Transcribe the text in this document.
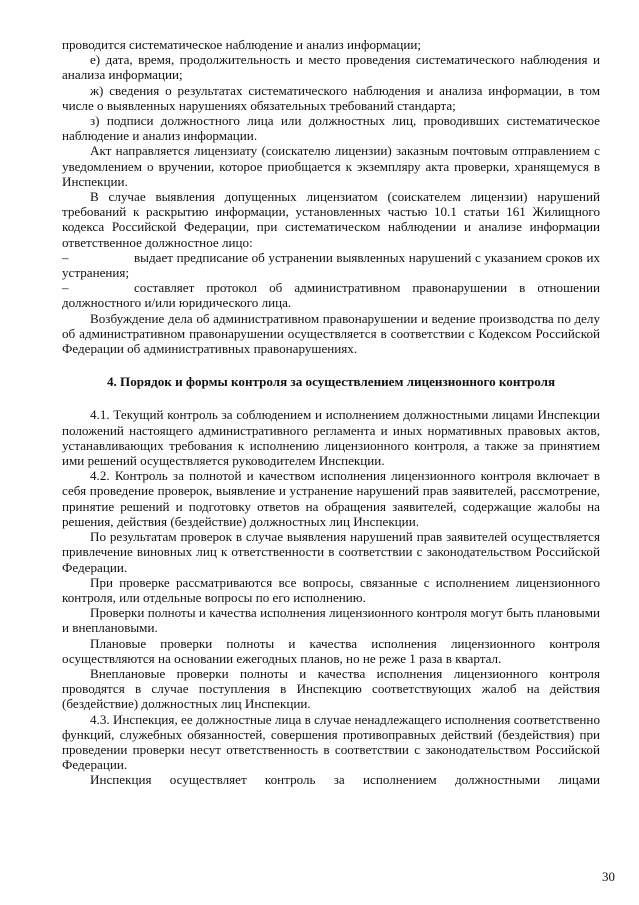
проводится систематическое наблюдение и анализ информации;

е) дата, время, продолжительность и место проведения систематического наблюдения и анализа информации;

ж) сведения о результатах систематического наблюдения и анализа информации, в том числе о выявленных нарушениях обязательных требований стандарта;

з) подписи должностного лица или должностных лиц, проводивших систематическое наблюдение и анализ информации.

Акт направляется лицензиату (соискателю лицензии) заказным почтовым отправлением с уведомлением о вручении, которое приобщается к экземпляру акта проверки, хранящемуся в Инспекции.

В случае выявления допущенных лицензиатом (соискателем лицензии) нарушений требований к раскрытию информации, установленных частью 10.1 статьи 161 Жилищного кодекса Российской Федерации, при систематическом наблюдении и анализе информации ответственное должностное лицо:

–	выдает предписание об устранении выявленных нарушений с указанием сроков их устранения;

–	составляет протокол об административном правонарушении в отношении должностного и/или юридического лица.

Возбуждение дела об административном правонарушении и ведение производства по делу об административном правонарушении осуществляется в соответствии с Кодексом Российской Федерации об административных правонарушениях.

4. Порядок и формы контроля за осуществлением лицензионного контроля

4.1. Текущий контроль за соблюдением и исполнением должностными лицами Инспекции положений настоящего административного регламента и иных нормативных правовых актов, устанавливающих требования к исполнению лицензионного контроля, а также за принятием ими решений осуществляется руководителем Инспекции.

4.2. Контроль за полнотой и качеством исполнения лицензионного контроля включает в себя проведение проверок, выявление и устранение нарушений прав заявителей, рассмотрение, принятие решений и подготовку ответов на обращения заявителей, содержащие жалобы на решения, действия (бездействие) должностных лиц Инспекции.

По результатам проверок в случае выявления нарушений прав заявителей осуществляется привлечение виновных лиц к ответственности в соответствии с законодательством Российской Федерации.

При проверке рассматриваются все вопросы, связанные с исполнением лицензионного контроля, или отдельные вопросы по его исполнению.

Проверки полноты и качества исполнения лицензионного контроля могут быть плановыми и внеплановыми.

Плановые проверки полноты и качества исполнения лицензионного контроля осуществляются на основании ежегодных планов, но не реже 1 раза в квартал.

Внеплановые проверки полноты и качества исполнения лицензионного контроля проводятся в случае поступления в Инспекцию соответствующих жалоб на действия (бездействие) должностных лиц Инспекции.

4.3. Инспекция, ее должностные лица в случае ненадлежащего исполнения соответственно функций, служебных обязанностей, совершения противоправных действий (бездействия) при проведении проверки несут ответственность в соответствии с законодательством Российской Федерации.

Инспекция осуществляет контроль за исполнением должностными лицами

30
